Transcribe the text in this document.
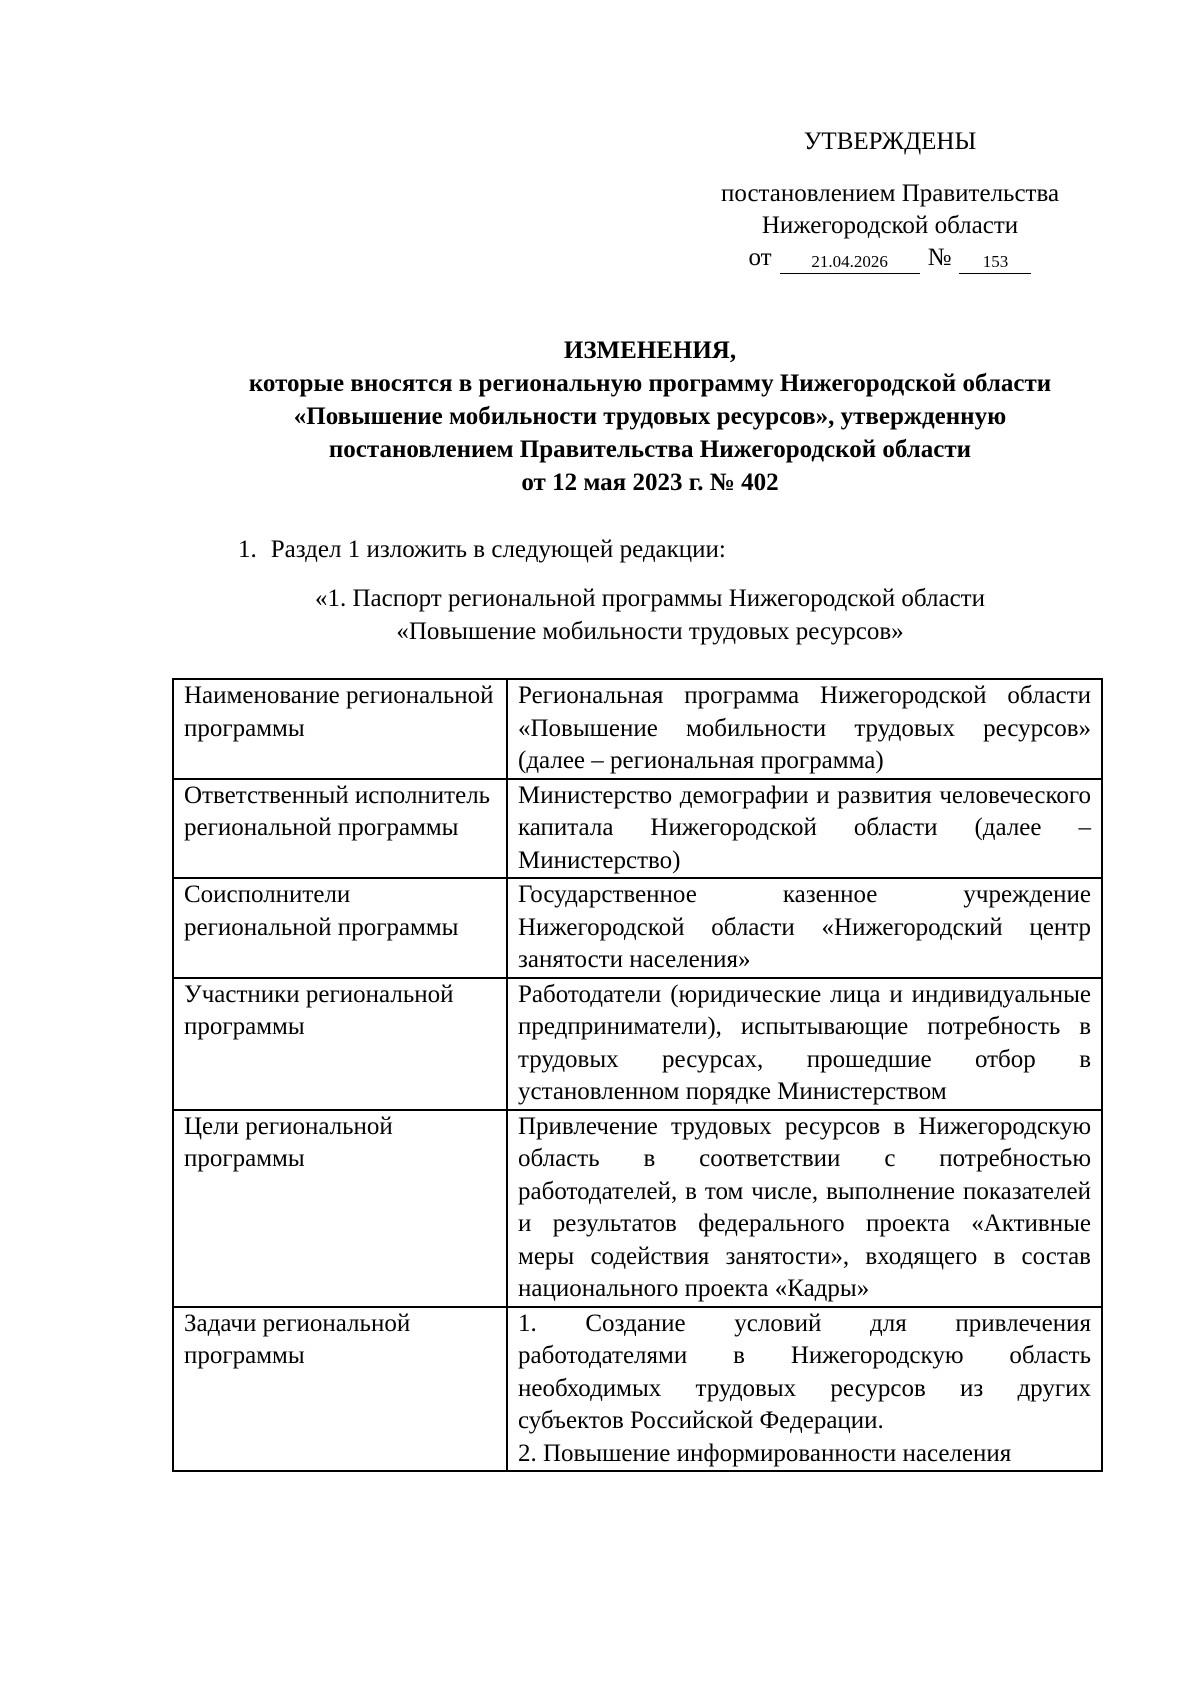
УТВЕРЖДЕНЫ
постановлением Правительства
Нижегородской области
от	21.04.2026	№	153
ИЗМЕНЕНИЯ,
которые вносятся в региональную программу Нижегородской области
«Повышение мобильности трудовых ресурсов», утвержденную
постановлением Правительства Нижегородской области
от 12 мая 2023 г. № 402
1. Раздел 1 изложить в следующей редакции:
«1. Паспорт региональной программы Нижегородской области
«Повышение мобильности трудовых ресурсов»
Наименование региональной программы	Региональная программа Нижегородской области «Повышение мобильности трудовых ресурсов» (далее – региональная программа)
Ответственный исполнитель региональной программы	Министерство демографии и развития человеческого капитала Нижегородской области (далее – Министерство)
Соисполнители региональной программы	Государственное казенное учреждение Нижегородской области «Нижегородский центр занятости населения»
Участники региональной программы	Работодатели (юридические лица и индивидуальные предприниматели), испытывающие потребность в трудовых ресурсах, прошедшие отбор в установленном порядке Министерством
Цели региональной программы	Привлечение трудовых ресурсов в Нижегородскую область в соответствии с потребностью работодателей, в том числе, выполнение показателей и результатов федерального проекта «Активные меры содействия занятости», входящего в состав национального проекта «Кадры»
Задачи региональной программы	1. Создание условий для привлечения работодателями в Нижегородскую область необходимых трудовых ресурсов из других субъектов Российской Федерации.
2. Повышение информированности населения
